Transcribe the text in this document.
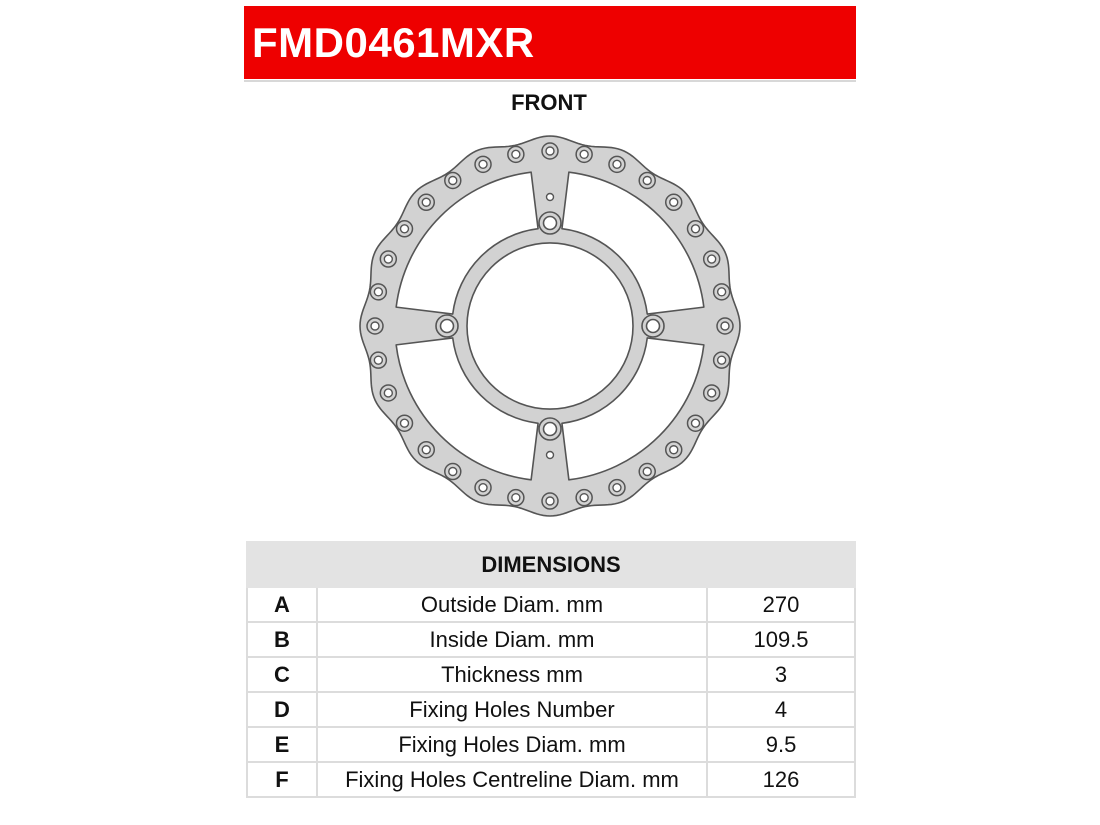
FMD0461MXR
FRONT
DIMENSIONS		
A	Outside Diam. mm	270
B	Inside Diam. mm	109.5
C	Thickness mm	3
D	Fixing Holes Number	4
E	Fixing Holes Diam. mm	9.5
F	Fixing Holes Centreline Diam. mm	126
